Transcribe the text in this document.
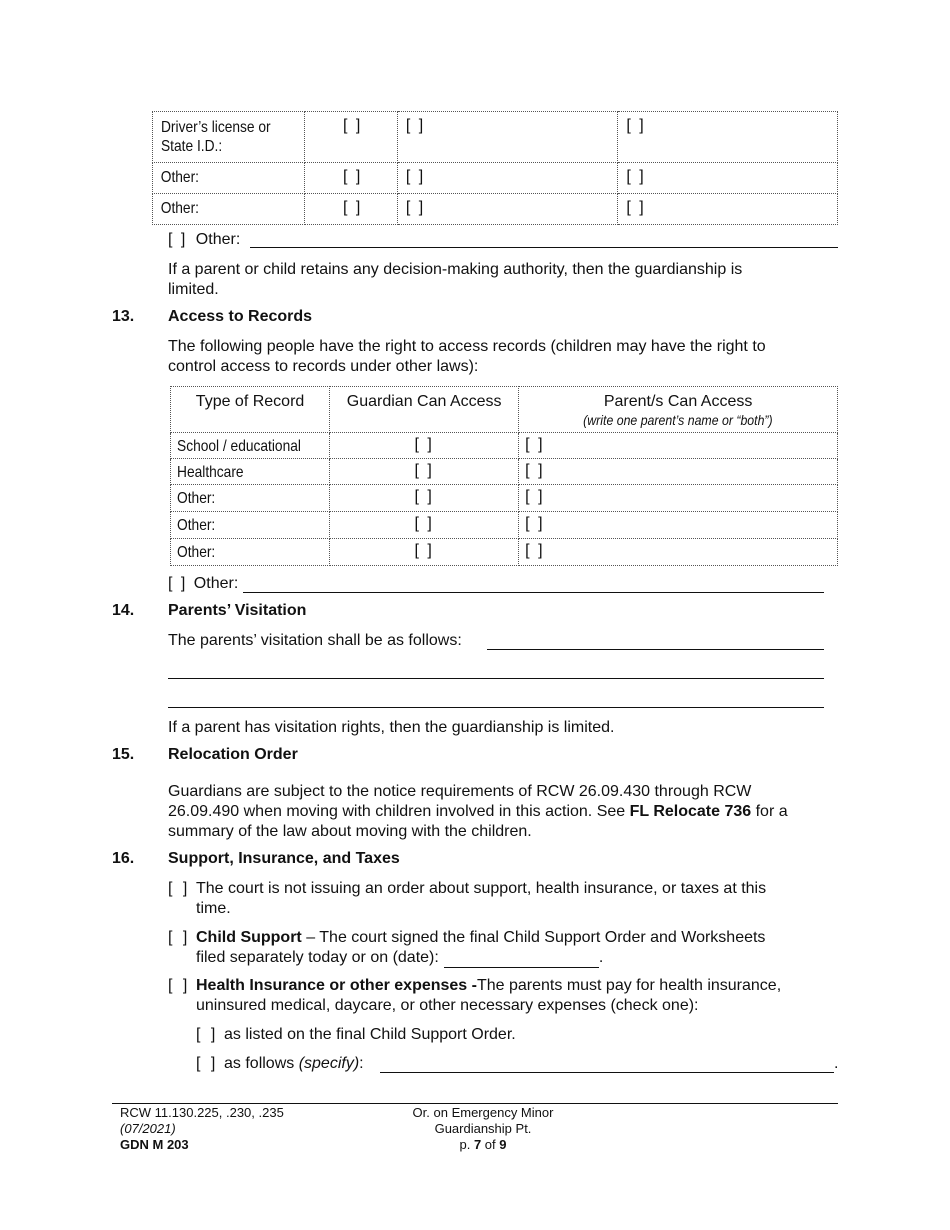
Driver’s license or
State I.D.:	[ ]	[ ]	[ ]

Other:	[ ]	[ ]	[ ]

Other:	[ ]	[ ]	[ ]
[ ] Other:
If a parent or child retains any decision-making authority, then the guardianship is
limited.
13. Access to Records
The following people have the right to access records (children may have the right to
control access to records under other laws):
Type of Record	Guardian Can Access	Parent/s Can Access
(write one parent’s name or “both”)

School / educational	[ ]	[ ]

Healthcare	[ ]	[ ]

Other:	[ ]	[ ]

Other:	[ ]	[ ]

Other:	[ ]	[ ]
[ ] Other:
14. Parents’ Visitation
The parents’ visitation shall be as follows:
If a parent has visitation rights, then the guardianship is limited.
15. Relocation Order
Guardians are subject to the notice requirements of RCW 26.09.430 through RCW
26.09.490 when moving with children involved in this action. See FL Relocate 736 for a
summary of the law about moving with the children.
16. Support, Insurance, and Taxes
[ ] The court is not issuing an order about support, health insurance, or taxes at this
time.
[ ] Child Support – The court signed the final Child Support Order and Worksheets
filed separately today or on (date):	.
[ ] Health Insurance or other expenses -The parents must pay for health insurance,
uninsured medical, daycare, or other necessary expenses (check one):
[ ] as listed on the final Child Support Order.
[ ] as follows (specify):	.
RCW 11.130.225, .230, .235
(07/2021)
GDN M 203
Or. on Emergency Minor
Guardianship Pt.
p. 7 of 9
